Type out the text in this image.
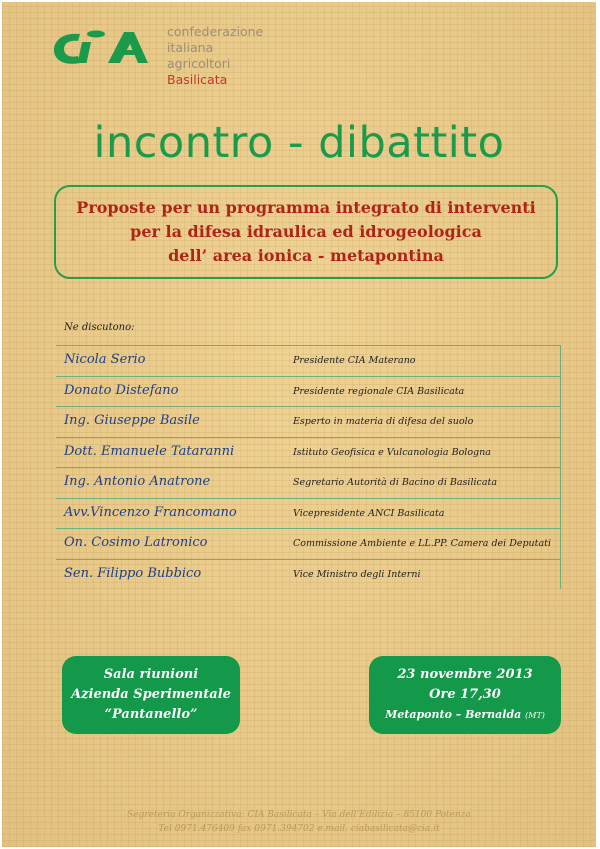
confederazione
italiana
agricoltori
Basilicata
incontro - dibattito
Proposte per un programma integrato di interventi
per la difesa idraulica ed idrogeologica
dell’ area ionica - metapontina
Ne discutono:
Nicola Serio	Presidente CIA Materano
Donato Distefano	Presidente regionale CIA Basilicata
Ing. Giuseppe Basile	Esperto in materia di difesa del suolo
Dott. Emanuele Tataranni	Istituto Geofisica e Vulcanologia Bologna
Ing. Antonio Anatrone	Segretario Autorità di Bacino di Basilicata
Avv.Vincenzo Francomano	Vicepresidente ANCI Basilicata
On. Cosimo Latronico	Commissione Ambiente e LL.PP. Camera dei Deputati
Sen. Filippo Bubbico	Vice Ministro degli Interni
Sala riunioni
Azienda Sperimentale
“Pantanello”
23 novembre 2013
Ore 17,30
Metaponto – Bernalda (MT)
Segreteria Organizzativa: CIA Basilicata – Via dell’Edilizia – 85100 Potenza
Tel 0971.476409 fax 0971.394702 e.mail. ciabasilicata@cia.it
